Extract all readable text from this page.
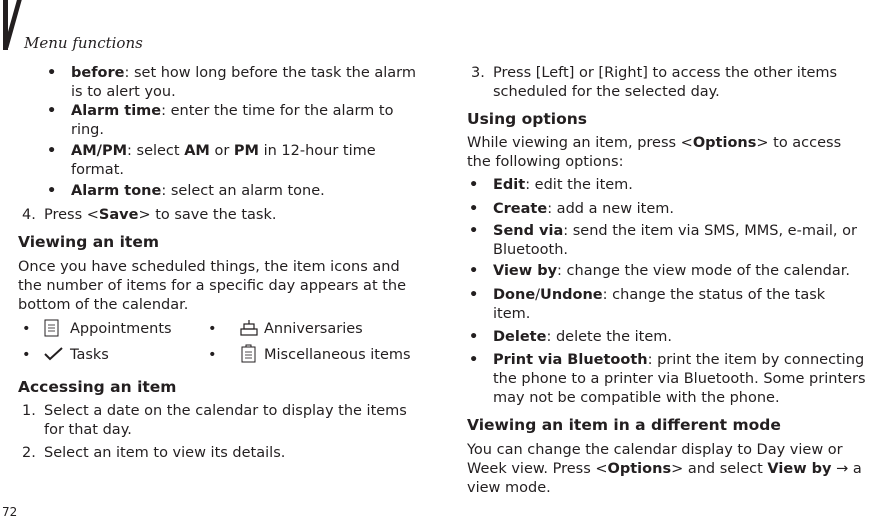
Menu functions
• before: set how long before the task the alarm is to alert you.
• Alarm time: enter the time for the alarm to ring.
• AM/PM: select AM or PM in 12-hour time format.
• Alarm tone: select an alarm tone.
4. Press <Save> to save the task.
Viewing an item
Once you have scheduled things, the item icons and the number of items for a specific day appears at the bottom of the calendar.
•	Appointments	•	Anniversaries
•	Tasks	•	Miscellaneous items
Accessing an item
1. Select a date on the calendar to display the items for that day.
2. Select an item to view its details.
3. Press [Left] or [Right] to access the other items scheduled for the selected day.
Using options
While viewing an item, press <Options> to access the following options:
• Edit: edit the item.
• Create: add a new item.
• Send via: send the item via SMS, MMS, e-mail, or Bluetooth.
• View by: change the view mode of the calendar.
• Done/Undone: change the status of the task item.
• Delete: delete the item.
• Print via Bluetooth: print the item by connecting the phone to a printer via Bluetooth. Some printers may not be compatible with the phone.
Viewing an item in a different mode
You can change the calendar display to Day view or Week view. Press <Options> and select View by → a view mode.
72
